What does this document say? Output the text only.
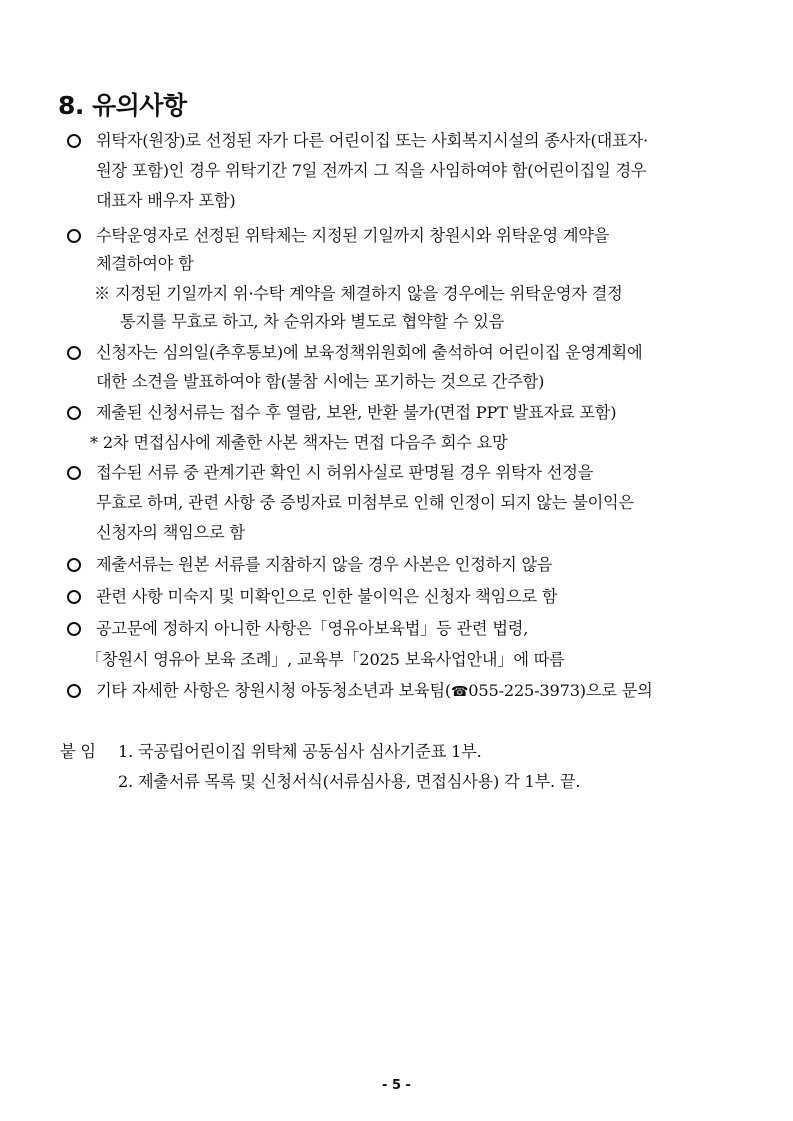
8. 유의사항
위탁자(원장)로 선정된 자가 다른 어린이집 또는 사회복지시설의 종사자(대표자·
원장 포함)인 경우 위탁기간 7일 전까지 그 직을 사임하여야 함(어린이집일 경우
대표자 배우자 포함)
수탁운영자로 선정된 위탁체는 지정된 기일까지 창원시와 위탁운영 계약을
체결하여야 함
※ 지정된 기일까지 위·수탁 계약을 체결하지 않을 경우에는 위탁운영자 결정
통지를 무효로 하고, 차 순위자와 별도로 협약할 수 있음
신청자는 심의일(추후통보)에 보육정책위원회에 출석하여 어린이집 운영계획에
대한 소견을 발표하여야 함(불참 시에는 포기하는 것으로 간주함)
제출된 신청서류는 접수 후 열람, 보완, 반환 불가(면접 PPT 발표자료 포함)
* 2차 면접심사에 제출한 사본 책자는 면접 다음주 회수 요망
접수된 서류 중 관계기관 확인 시 허위사실로 판명될 경우 위탁자 선정을
무효로 하며, 관련 사항 중 증빙자료 미첨부로 인해 인정이 되지 않는 불이익은
신청자의 책임으로 함
제출서류는 원본 서류를 지참하지 않을 경우 사본은 인정하지 않음
관련 사항 미숙지 및 미확인으로 인한 불이익은 신청자 책임으로 함
공고문에 정하지 아니한 사항은「영유아보육법」등 관련 법령,
「창원시 영유아 보육 조례」, 교육부「2025 보육사업안내」에 따름
기타 자세한 사항은 창원시청 아동청소년과 보육팀(☎055-225-3973)으로 문의
붙 임 1. 국공립어린이집 위탁체 공동심사 심사기준표 1부.
2. 제출서류 목록 및 신청서식(서류심사용, 면접심사용) 각 1부. 끝.
- 5 -
